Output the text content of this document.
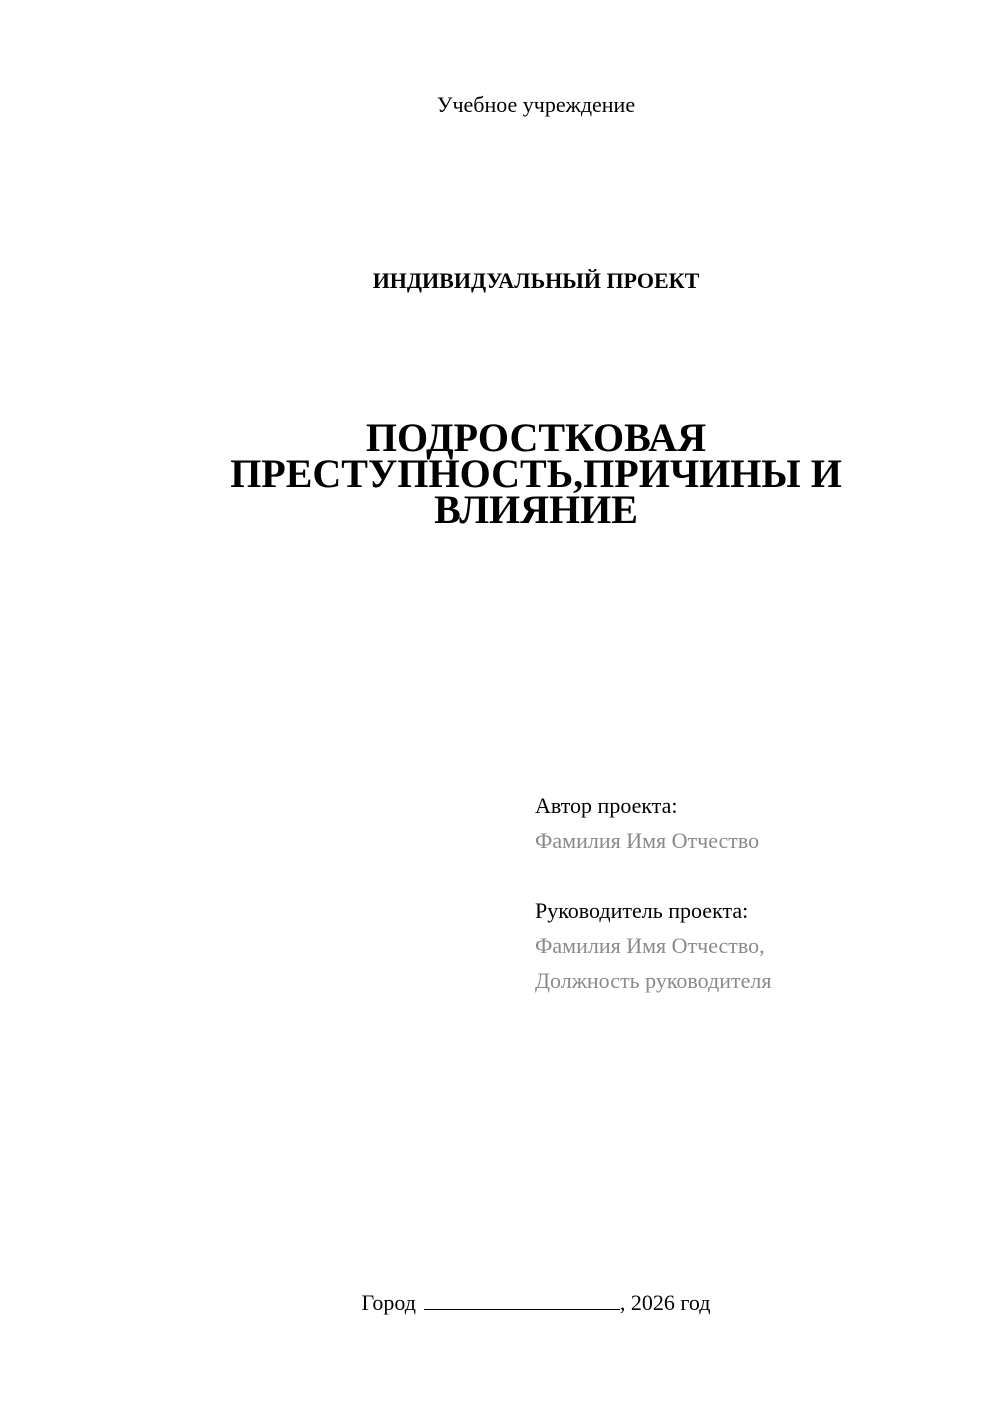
Учебное учреждение
ИНДИВИДУАЛЬНЫЙ ПРОЕКТ
ПОДРОСТКОВАЯ
ПРЕСТУПНОСТЬ,ПРИЧИНЫ И
ВЛИЯНИЕ
Автор проекта:
Фамилия Имя Отчество
Руководитель проекта:
Фамилия Имя Отчество,
Должность руководителя
Город	, 2026 год
